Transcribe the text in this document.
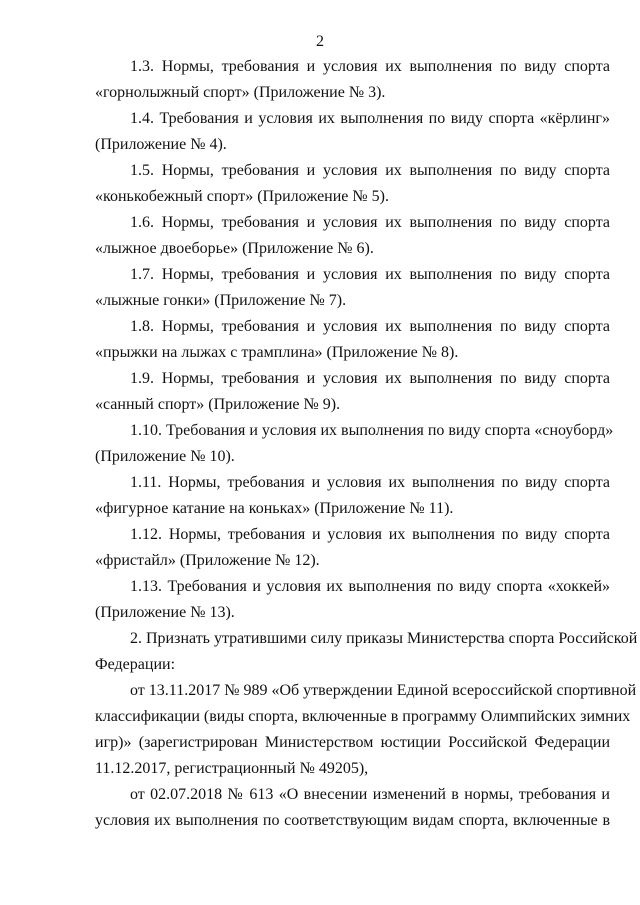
2
1.3. Нормы, требования и условия их выполнения по виду спорта
«горнолыжный спорт» (Приложение № 3).
1.4. Требования и условия их выполнения по виду спорта «кёрлинг»
(Приложение № 4).
1.5. Нормы, требования и условия их выполнения по виду спорта
«конькобежный спорт» (Приложение № 5).
1.6. Нормы, требования и условия их выполнения по виду спорта
«лыжное двоеборье» (Приложение № 6).
1.7. Нормы, требования и условия их выполнения по виду спорта
«лыжные гонки» (Приложение № 7).
1.8. Нормы, требования и условия их выполнения по виду спорта
«прыжки на лыжах с трамплина» (Приложение № 8).
1.9. Нормы, требования и условия их выполнения по виду спорта
«санный спорт» (Приложение № 9).
1.10. Требования и условия их выполнения по виду спорта «сноуборд»
(Приложение № 10).
1.11. Нормы, требования и условия их выполнения по виду спорта
«фигурное катание на коньках» (Приложение № 11).
1.12. Нормы, требования и условия их выполнения по виду спорта
«фристайл» (Приложение № 12).
1.13. Требования и условия их выполнения по виду спорта «хоккей»
(Приложение № 13).
2. Признать утратившими силу приказы Министерства спорта Российской
Федерации:
от 13.11.2017 № 989 «Об утверждении Единой всероссийской спортивной
классификации (виды спорта, включенные в программу Олимпийских зимних
игр)» (зарегистрирован Министерством юстиции Российской Федерации
11.12.2017, регистрационный № 49205),
от 02.07.2018 № 613 «О внесении изменений в нормы, требования и
условия их выполнения по соответствующим видам спорта, включенные в
